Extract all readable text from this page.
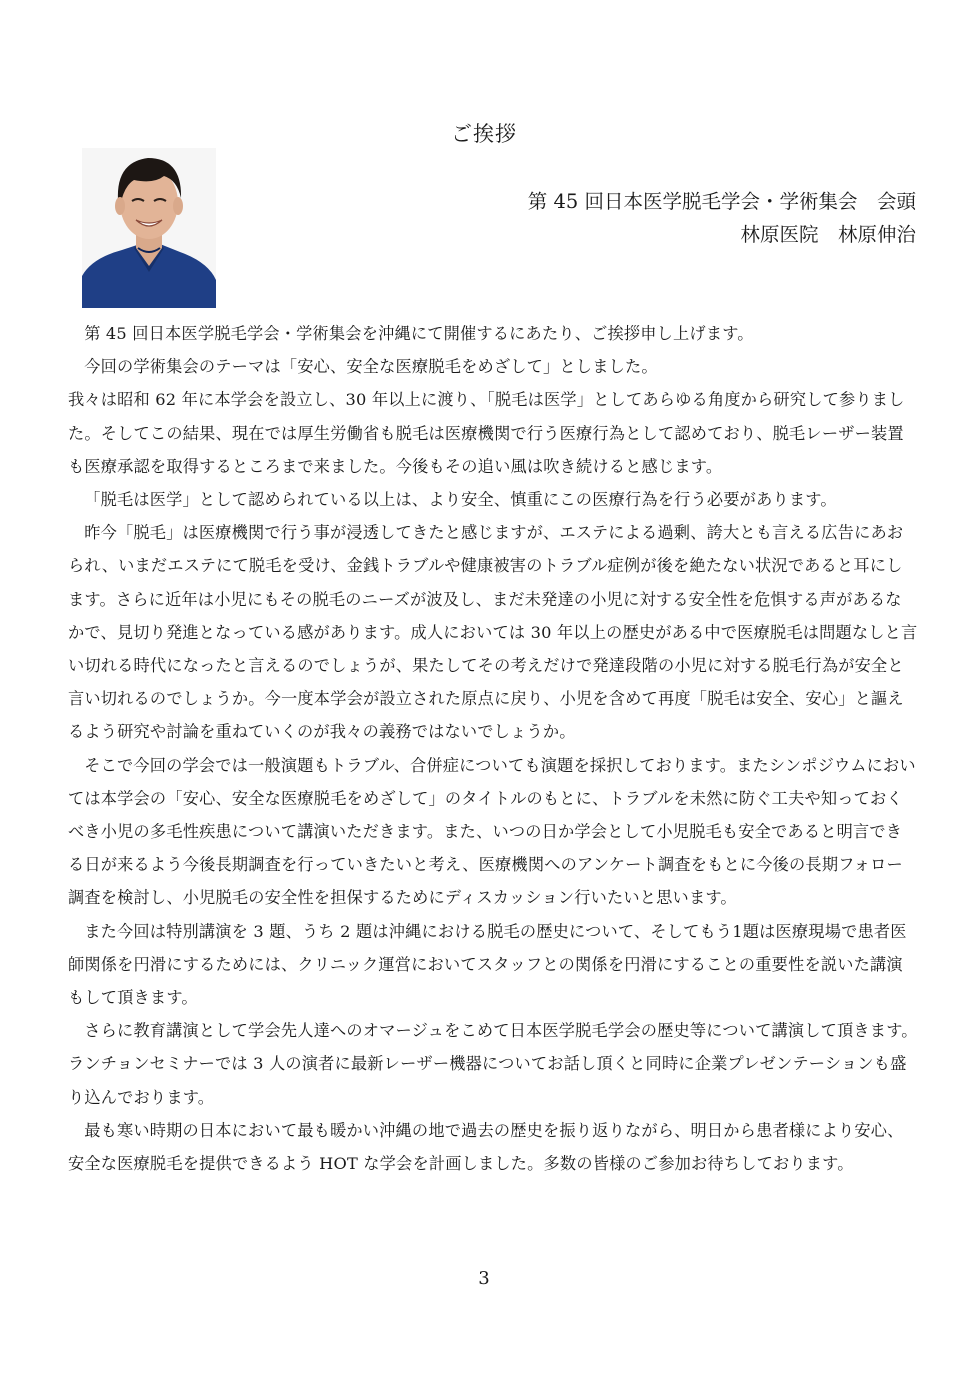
ご挨拶
第 45 回日本医学脱毛学会・学術集会　会頭
林原医院　林原伸治

第 45 回日本医学脱毛学会・学術集会を沖縄にて開催するにあたり、ご挨拶申し上げます。

今回の学術集会のテーマは「安心、安全な医療脱毛をめざして」としました。

我々は昭和 62 年に本学会を設立し、30 年以上に渡り、「脱毛は医学」としてあらゆる角度から研究して参りました。そしてこの結果、現在では厚生労働省も脱毛は医療機関で行う医療行為として認めており、脱毛レーザー装置も医療承認を取得するところまで来ました。今後もその追い風は吹き続けると感じます。

「脱毛は医学」として認められている以上は、より安全、慎重にこの医療行為を行う必要があります。

昨今「脱毛」は医療機関で行う事が浸透してきたと感じますが、エステによる過剰、誇大とも言える広告にあおられ、いまだエステにて脱毛を受け、金銭トラブルや健康被害のトラブル症例が後を絶たない状況であると耳にします。さらに近年は小児にもその脱毛のニーズが波及し、まだ未発達の小児に対する安全性を危惧する声があるなかで、見切り発進となっている感があります。成人においては 30 年以上の歴史がある中で医療脱毛は問題なしと言い切れる時代になったと言えるのでしょうが、果たしてその考えだけで発達段階の小児に対する脱毛行為が安全と言い切れるのでしょうか。今一度本学会が設立された原点に戻り、小児を含めて再度「脱毛は安全、安心」と謳えるよう研究や討論を重ねていくのが我々の義務ではないでしょうか。

そこで今回の学会では一般演題もトラブル、合併症についても演題を採択しております。またシンポジウムにおいては本学会の「安心、安全な医療脱毛をめざして」のタイトルのもとに、トラブルを未然に防ぐ工夫や知っておくべき小児の多毛性疾患について講演いただきます。また、いつの日か学会として小児脱毛も安全であると明言できる日が来るよう今後長期調査を行っていきたいと考え、医療機関へのアンケート調査をもとに今後の長期フォロー調査を検討し、小児脱毛の安全性を担保するためにディスカッション行いたいと思います。

また今回は特別講演を 3 題、うち 2 題は沖縄における脱毛の歴史について、そしてもう1題は医療現場で患者医師関係を円滑にするためには、クリニック運営においてスタッフとの関係を円滑にすることの重要性を説いた講演もして頂きます。

さらに教育講演として学会先人達へのオマージュをこめて日本医学脱毛学会の歴史等について講演して頂きます。ランチョンセミナーでは 3 人の演者に最新レーザー機器についてお話し頂くと同時に企業プレゼンテーションも盛り込んでおります。

最も寒い時期の日本において最も暖かい沖縄の地で過去の歴史を振り返りながら、明日から患者様により安心、安全な医療脱毛を提供できるよう HOT な学会を計画しました。多数の皆様のご参加お待ちしております。

3
